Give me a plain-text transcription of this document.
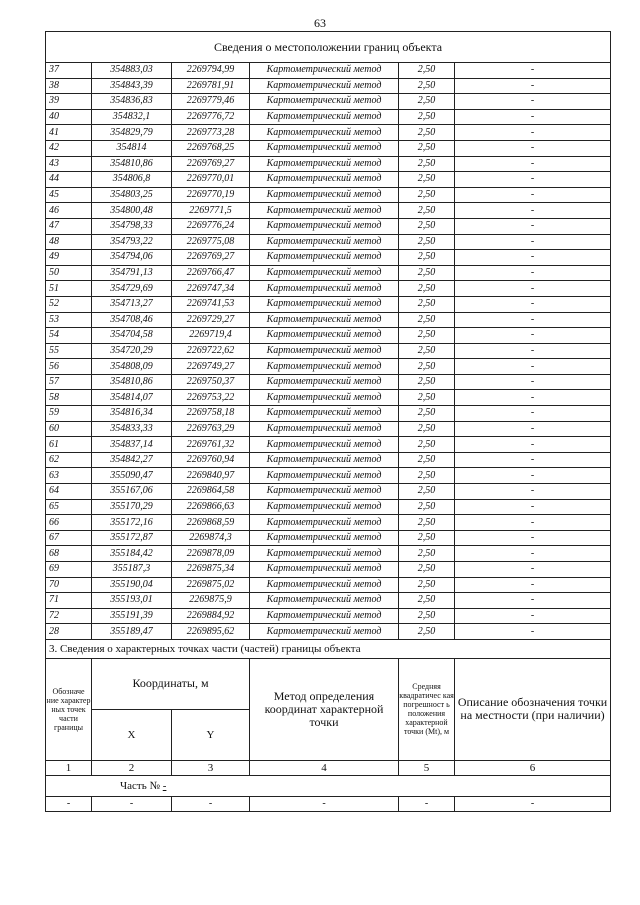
63
Сведения о местоположении границ объекта					
37	354883,03	2269794,99	Картометрический метод	2,50	-
38	354843,39	2269781,91	Картометрический метод	2,50	-
39	354836,83	2269779,46	Картометрический метод	2,50	-
40	354832,1	2269776,72	Картометрический метод	2,50	-
41	354829,79	2269773,28	Картометрический метод	2,50	-
42	354814	2269768,25	Картометрический метод	2,50	-
43	354810,86	2269769,27	Картометрический метод	2,50	-
44	354806,8	2269770,01	Картометрический метод	2,50	-
45	354803,25	2269770,19	Картометрический метод	2,50	-
46	354800,48	2269771,5	Картометрический метод	2,50	-
47	354798,33	2269776,24	Картометрический метод	2,50	-
48	354793,22	2269775,08	Картометрический метод	2,50	-
49	354794,06	2269769,27	Картометрический метод	2,50	-
50	354791,13	2269766,47	Картометрический метод	2,50	-
51	354729,69	2269747,34	Картометрический метод	2,50	-
52	354713,27	2269741,53	Картометрический метод	2,50	-
53	354708,46	2269729,27	Картометрический метод	2,50	-
54	354704,58	2269719,4	Картометрический метод	2,50	-
55	354720,29	2269722,62	Картометрический метод	2,50	-
56	354808,09	2269749,27	Картометрический метод	2,50	-
57	354810,86	2269750,37	Картометрический метод	2,50	-
58	354814,07	2269753,22	Картометрический метод	2,50	-
59	354816,34	2269758,18	Картометрический метод	2,50	-
60	354833,33	2269763,29	Картометрический метод	2,50	-
61	354837,14	2269761,32	Картометрический метод	2,50	-
62	354842,27	2269760,94	Картометрический метод	2,50	-
63	355090,47	2269840,97	Картометрический метод	2,50	-
64	355167,06	2269864,58	Картометрический метод	2,50	-
65	355170,29	2269866,63	Картометрический метод	2,50	-
66	355172,16	2269868,59	Картометрический метод	2,50	-
67	355172,87	2269874,3	Картометрический метод	2,50	-
68	355184,42	2269878,09	Картометрический метод	2,50	-
69	355187,3	2269875,34	Картометрический метод	2,50	-
70	355190,04	2269875,02	Картометрический метод	2,50	-
71	355193,01	2269875,9	Картометрический метод	2,50	-
72	355191,39	2269884,92	Картометрический метод	2,50	-
28	355189,47	2269895,62	Картометрический метод	2,50	-
3. Сведения о характерных точках части (частей) границы объекта					
Обозначе ние характер ных точек части границы	Координаты, м		Метод определения координат характерной точки	Средняя квадратичес кая погрешност ь положения характерной точки (Мt), м	Описание обозначения точки на местности (при наличии)
	X	Y			
1	2	3	4	5	6
Часть № -					
-	-	-	-	-	-
